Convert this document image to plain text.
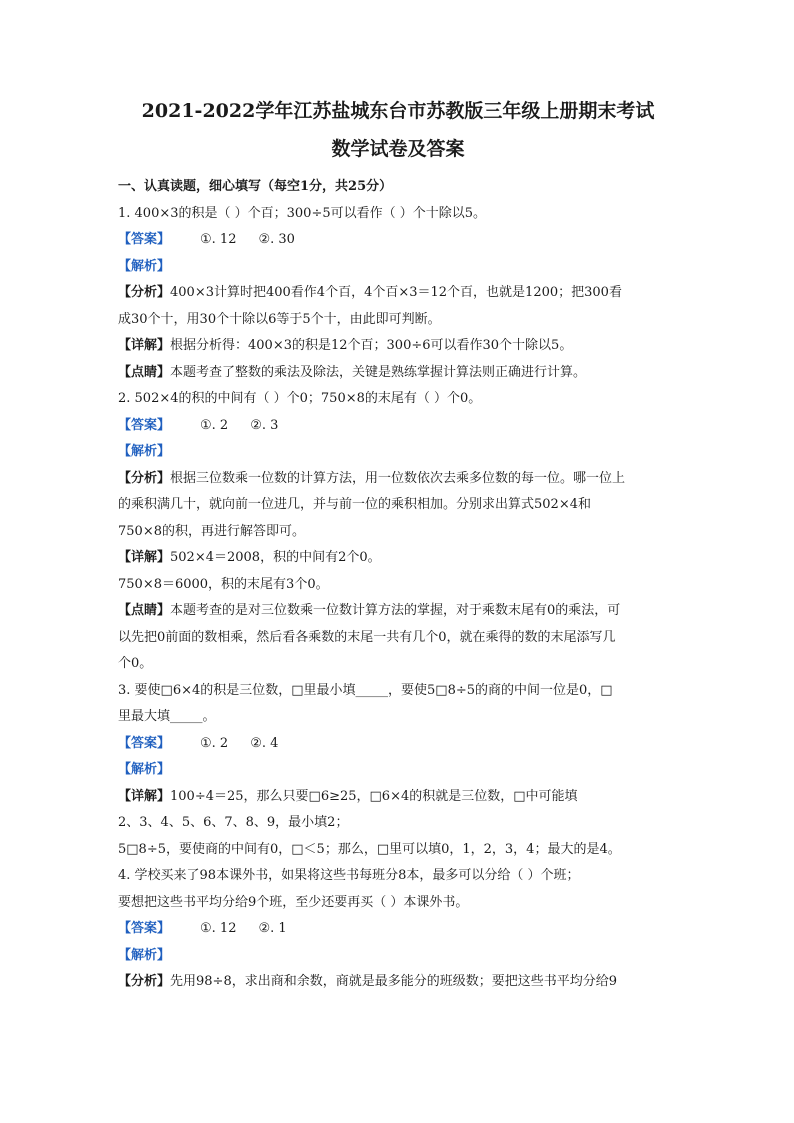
2021-2022学年江苏盐城东台市苏教版三年级上册期末考试
数学试卷及答案
一、认真读题，细心填写（每空1分，共25分）
1. 400×3的积是（ ）个百；300÷5可以看作（ ）个十除以5。
【答案】 ①. 12 ②. 30
【解析】
【分析】400×3计算时把400看作4个百，4个百×3＝12个百，也就是1200；把300看
成30个十，用30个十除以6等于5个十，由此即可判断。
【详解】根据分析得：400×3的积是12个百；300÷6可以看作30个十除以5。
【点睛】本题考查了整数的乘法及除法，关键是熟练掌握计算法则正确进行计算。
2. 502×4的积的中间有（ ）个0；750×8的末尾有（ ）个0。
【答案】 ①. 2 ②. 3
【解析】
【分析】根据三位数乘一位数的计算方法，用一位数依次去乘多位数的每一位。哪一位上
的乘积满几十，就向前一位进几，并与前一位的乘积相加。分别求出算式502×4和
750×8的积，再进行解答即可。
【详解】502×4＝2008，积的中间有2个0。
750×8＝6000，积的末尾有3个0。
【点睛】本题考查的是对三位数乘一位数计算方法的掌握，对于乘数末尾有0的乘法，可
以先把0前面的数相乘，然后看各乘数的末尾一共有几个0，就在乘得的数的末尾添写几
个0。
3. 要使□6×4的积是三位数，□里最小填_____，要使5□8÷5的商的中间一位是0，□
里最大填_____。
【答案】 ①. 2 ②. 4
【解析】
【详解】100÷4＝25，那么只要□6≥25，□6×4的积就是三位数，□中可能填
2、3、4、5、6、7、8、9，最小填2；
5□8÷5，要使商的中间有0，□＜5；那么，□里可以填0，1，2，3，4；最大的是4。
4. 学校买来了98本课外书，如果将这些书每班分8本，最多可以分给（ ）个班；
要想把这些书平均分给9个班，至少还要再买（ ）本课外书。
【答案】 ①. 12 ②. 1
【解析】
【分析】先用98÷8，求出商和余数，商就是最多能分的班级数；要把这些书平均分给9
